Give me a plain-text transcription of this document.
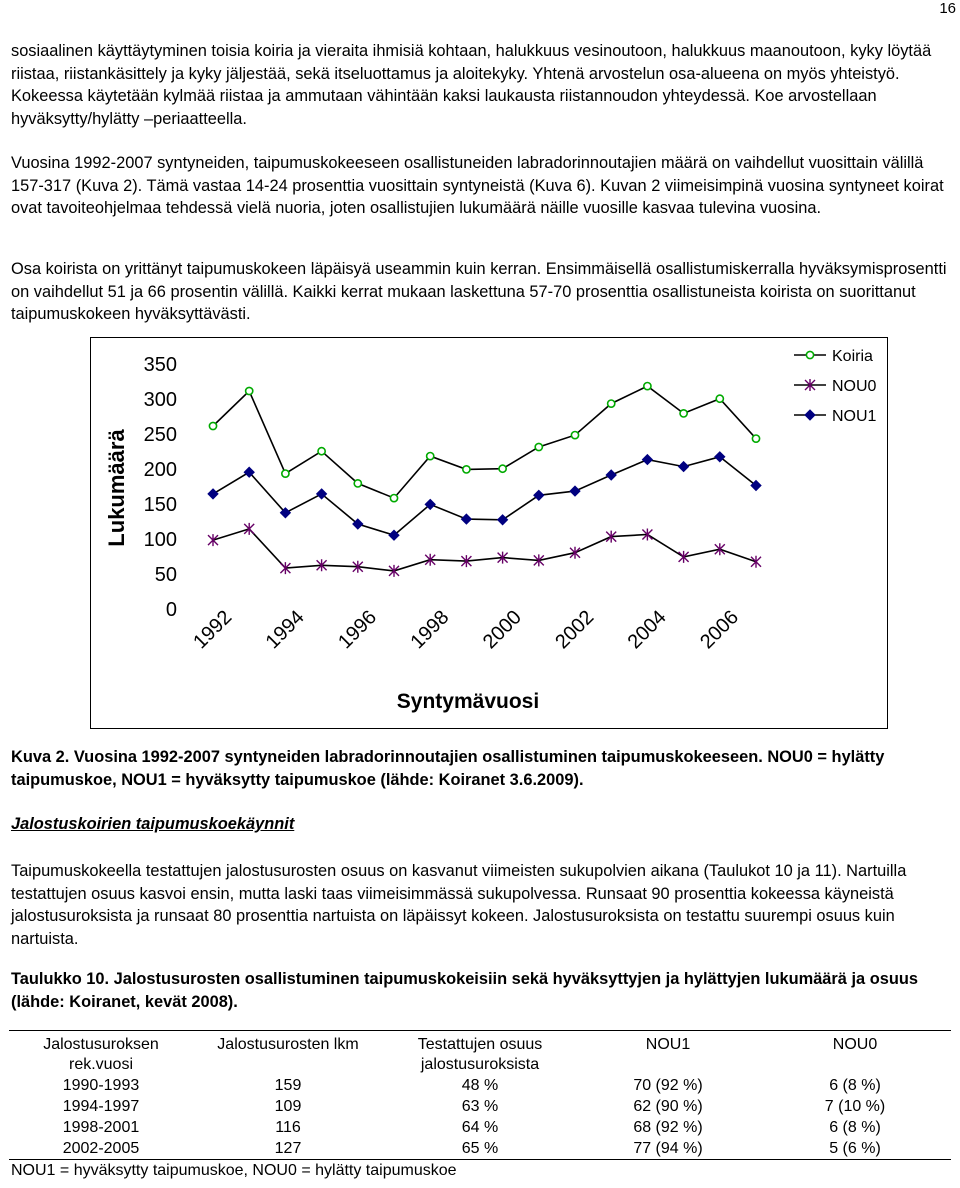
16

sosiaalinen käyttäytyminen toisia koiria ja vieraita ihmisiä kohtaan, halukkuus vesinoutoon, halukkuus maanoutoon, kyky löytää riistaa, riistankäsittely ja kyky jäljestää, sekä itseluottamus ja aloitekyky. Yhtenä arvostelun osa-alueena on myös yhteistyö. Kokeessa käytetään kylmää riistaa ja ammutaan vähintään kaksi laukausta riistannoudon yhteydessä. Koe arvostellaan hyväksytty/hylätty –periaatteella.

Vuosina 1992-2007 syntyneiden, taipumuskokeeseen osallistuneiden labradorinnoutajien määrä on vaihdellut vuosittain välillä 157-317 (Kuva 2). Tämä vastaa 14-24 prosenttia vuosittain syntyneistä (Kuva 6). Kuvan 2 viimeisimpinä vuosina syntyneet koirat ovat tavoiteohjelmaa tehdessä vielä nuoria, joten osallistujien lukumäärä näille vuosille kasvaa tulevina vuosina.

Osa koirista on yrittänyt taipumuskokeen läpäisyä useammin kuin kerran. Ensimmäisellä osallistumiskerralla hyväksymisprosentti on vaihdellut 51 ja 66 prosentin välillä. Kaikki kerrat mukaan laskettuna 57-70 prosenttia osallistuneista koirista on suorittanut taipumuskokeen hyväksyttävästi.

Lukumäärä
350
300
250
200
150
100
50
0 1992 1994 1996 1998 2000 2002 2004 2006
Syntymävuosi
Koiria
NOU0
NOU1

Kuva 2. Vuosina 1992-2007 syntyneiden labradorinnoutajien osallistuminen taipumuskokeeseen. NOU0 = hylätty taipumuskoe, NOU1 = hyväksytty taipumuskoe (lähde: Koiranet 3.6.2009).

Jalostuskoirien taipumuskoekäynnit

Taipumuskokeella testattujen jalostusurosten osuus on kasvanut viimeisten sukupolvien aikana (Taulukot 10 ja 11). Nartuilla testattujen osuus kasvoi ensin, mutta laski taas viimeisimmässä sukupolvessa. Runsaat 90 prosenttia kokeessa käyneistä jalostusuroksista ja runsaat 80 prosenttia nartuista on läpäissyt kokeen. Jalostusuroksista on testattu suurempi osuus kuin nartuista.

Taulukko 10. Jalostusurosten osallistuminen taipumuskokeisiin sekä hyväksyttyjen ja hylättyjen lukumäärä ja osuus (lähde: Koiranet, kevät 2008).

Jalostusuroksen rek.vuosi	Jalostusurosten lkm	Testattujen osuus jalostusuroksista	NOU1	NOU0
1990-1993	159	48 %	70 (92 %)	6 (8 %)
1994-1997	109	63 %	62 (90 %)	7 (10 %)
1998-2001	116	64 %	68 (92 %)	6 (8 %)
2002-2005	127	65 %	77 (94 %)	5 (6 %)
NOU1 = hyväksytty taipumuskoe, NOU0 = hylätty taipumuskoe				
